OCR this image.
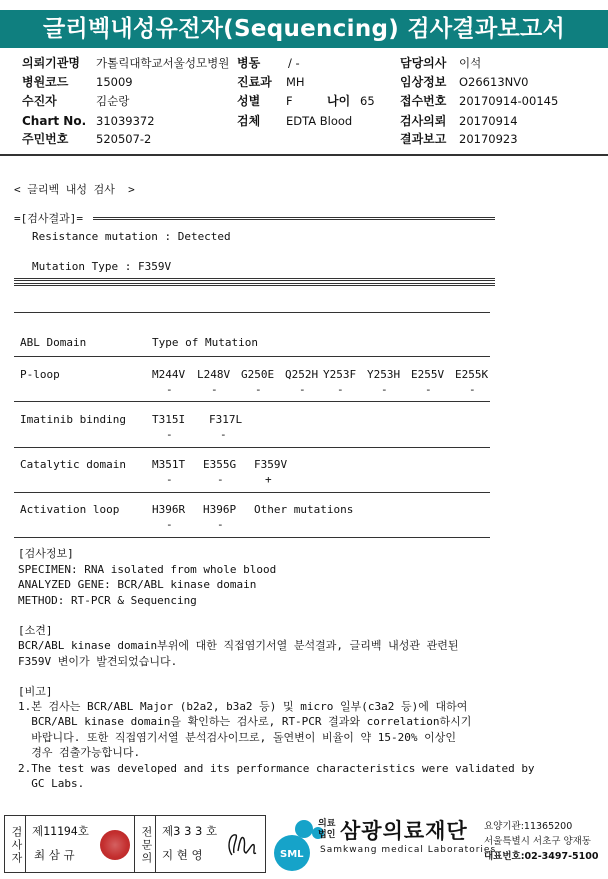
글리벡내성유전자(Sequencing) 검사결과보고서
의뢰기관명 가톨릭대학교서울성모병원 병동 / -	담당의사 이석
병원코드 15009	진료과 MH	임상정보 O26613NV0
수진자	김순랑	성별 F	나이 65 접수번호 20170914-00145
Chart No. 31039372	검체 EDTA Blood	검사의뢰 20170914
주민번호 520507-2	결과보고 20170923
< 글리벡 내성 검사  >
=[검사결과]=
Resistance mutation : Detected
Mutation Type : F359V
ABL Domain	Type of Mutation
P-loop	M244V L248V G250E Q252H Y253F Y253H E255V E255K
-	-	-	-	-	-	-	-
Imatinib binding T315I F317L
-	-
Catalytic domain M351T E355G F359V
-	-	+
Activation loop	H396R H396P Other mutations
-	-
[검사정보]
SPECIMEN: RNA isolated from whole blood
ANALYZED GENE: BCR/ABL kinase domain
METHOD: RT-PCR & Sequencing
[소견]
BCR/ABL kinase domain부위에 대한 직접염기서열 분석결과, 글리벡 내성관 관련된
F359V 변이가 발견되었습니다.
[비고]
1.본 검사는 BCR/ABL Major (b2a2, b3a2 등) 및 micro 일부(c3a2 등)에 대하여
BCR/ABL kinase domain을 확인하는 검사로, RT-PCR 결과와 correlation하시기
바랍니다. 또한 직접염기서열 분석검사이므로, 돌연변이 비율이 약 15-20% 이상인
경우 검출가능합니다.
2.The test was developed and its performance characteristics were validated by
GC Labs.
검사자 제11194호
최 삼 규	전문의 제3 3 3 호
지 현 영	SML
의료법인 삼광의료재단
Samkwang medical Laboratories
요양기관:11365200
서울특별시 서초구 양재동
대표번호:02-3497-5100
